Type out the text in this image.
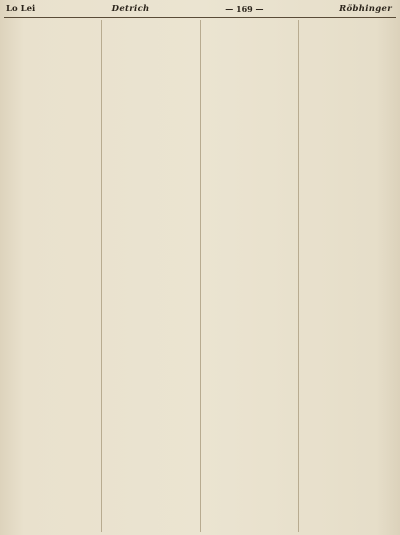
Lo Lei	Detrich	— 169 —	Röbhinger
